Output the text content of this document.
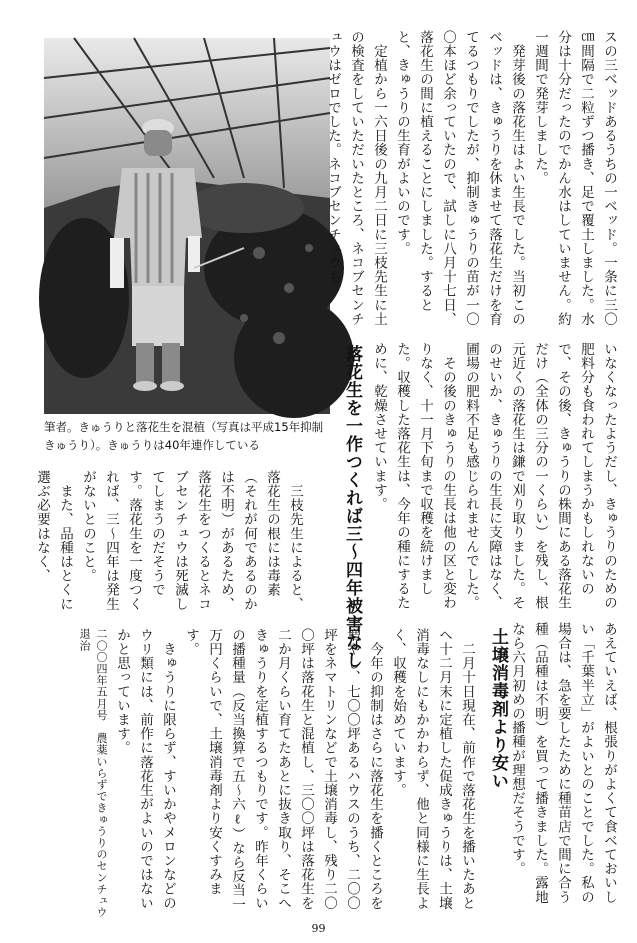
筆者。きゅうりと落花生を混植（写真は平成15年抑制きゅうり）。きゅうりは40年連作している
スの三ベッドあるうちの一ベッド。一条に三〇㎝間隔で二粒ずつ播き、足で覆土しました。水分は十分だったのでかん水はしていません。約一週間で発芽しました。
　発芽後の落花生はよい生長でした。当初このベッドは、きゅうりを休ませて落花生だけを育てるつもりでしたが、抑制きゅうりの苗が一〇〇本ほど余っていたので、試しに八月十七日、落花生の間に植えることにしました。するとと、きゅうりの生育がよいのです。
　定植から一六日後の九月二日に三枝先生に土の検査をしていただいたところ、ネコブセンチュウはゼロでした。ネコブセンチュウも
落花生を一作つくれば三〜四年被害なし	いなくなったようだし、きゅうりのための肥料分も食われてしまうかもしれないので、その後、きゅうりの株間にある落花生だけ（全体の三分の一くらい）を残し、根元近くの落花生は鎌で刈り取りました。そのせいか、きゅうりの生長に支障はなく、圃場の肥料不足も感じられませんでした。
　その後のきゅうりの生長は他の区と変わりなく、十一月下旬まで収穫を続けました。収穫した落花生は、今年の種にするために、乾燥させています。
　三枝先生によると、落花生の根には毒素（それが何であるのかは不明）があるため、落花生をつくるとネコブセンチュウは死滅してしまうのだそうです。落花生を一度つくれば、三〜四年は発生がないとのこと。
　また、品種はとくに選ぶ必要はなく、
あえていえば、根張りがよくて食べておいしい「千葉半立」がよいとのことでした。私の場合は、急を要したために種苗店で間に合う種（品種は不明）を買って播きました。露地なら六月初めの播種が理想だそうです。
土壌消毒剤より安い
　二月十日現在、前作で落花生を播いたあとへ十二月末に定植した促成きゅうりは、土壌消毒なしにもかかわらず、他と同様に生長よく、収穫を始めています。
　今年の抑制はさらに落花生を播くところを増やし、七〇〇坪あるハウスのうち、二〇〇坪をネマトリンなどで土壌消毒し、残り二〇〇坪は落花生と混植し、三〇〇坪は落花生を二か月くらい育てたあとに抜き取り、そこへきゅうりを定植するつもりです。昨年くらいの播種量（反当換算で五〜六ℓ）なら反当一万円くらいで、土壌消毒剤より安くすみます。
　きゅうりに限らず、すいかやメロンなどのウリ類には、前作に落花生がよいのではないかと思っています。
二〇〇四年五月号　農薬いらずできゅうりのセンチュウ退治
99
